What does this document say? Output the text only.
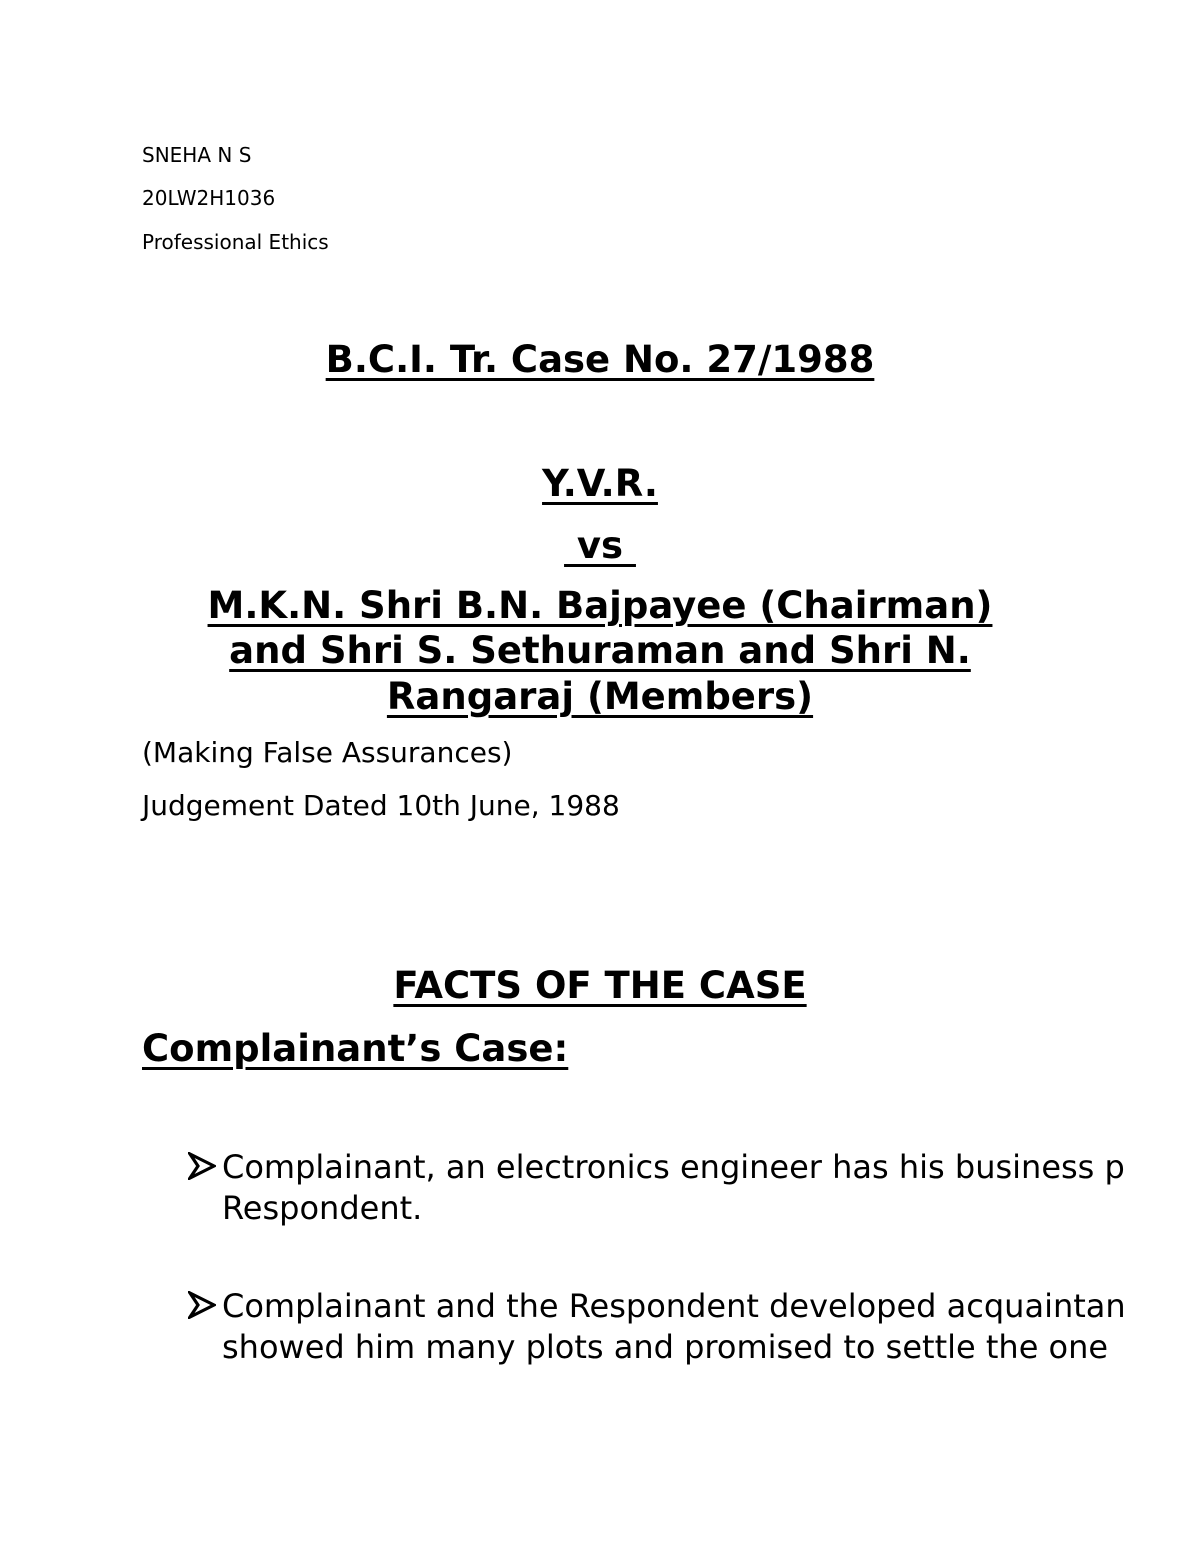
SNEHA N S
20LW2H1036
Professional Ethics
B.C.I. Tr. Case No. 27/1988
Y.V.R.
vs
M.K.N. Shri B.N. Bajpayee (Chairman)
and Shri S. Sethuraman and Shri N.
Rangaraj (Members)
(Making False Assurances)
Judgement Dated 10th June, 1988
FACTS OF THE CASE
Complainant’s Case:
Complainant, an electronics engineer has his business p
Respondent.
Complainant and the Respondent developed acquaintan
showed him many plots and promised to settle the one
